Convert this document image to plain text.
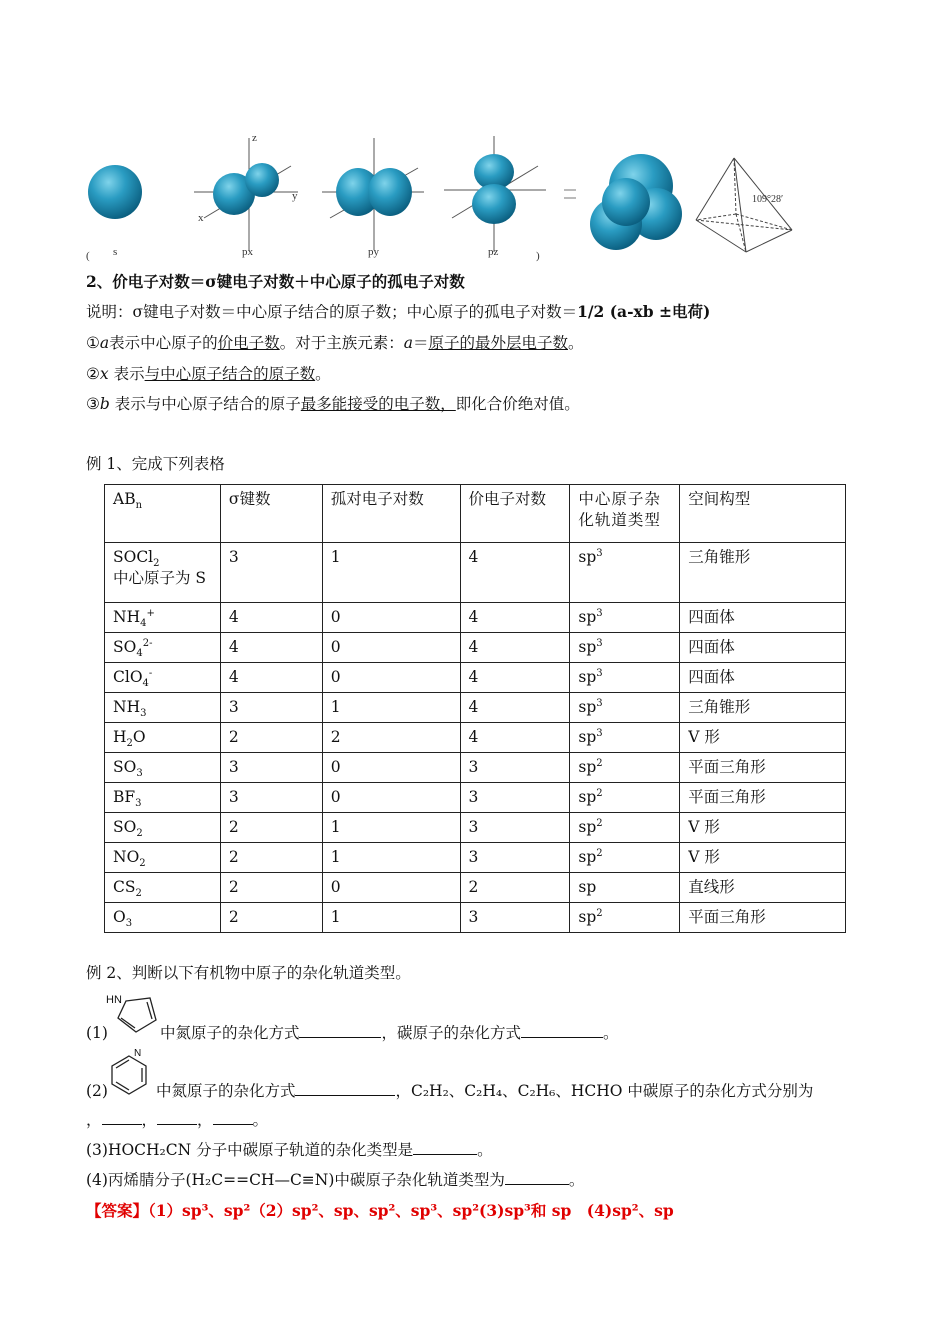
( s	px	py	pz	)
z
x
y	109°28′
2、价电子对数＝σ键电子对数＋中心原子的孤电子对数
说明：σ键电子对数＝中心原子结合的原子数；中心原子的孤电子对数＝1/2 (a-xb ±电荷)
①a表示中心原子的价电子数。对于主族元素：a＝原子的最外层电子数。
②x 表示与中心原子结合的原子数。
③b 表示与中心原子结合的原子最多能接受的电子数，即化合价绝对值。
例 1、完成下列表格
$AB_n$	σ键数	孤对电子对数	价电子对数	中心原子杂化轨道类型	空间构型
SOCl$_2$
中心原子为 S	3	1	4	$sp^3$	三角锥形
$NH_4^+$	4	0	4	$sp^3$	四面体
$SO_4^{2-}$	4	0	4	$sp^3$	四面体
ClO$_4$-	4	0	4	$sp^3$	四面体
$NH_3$	3	1	4	$sp^3$	三角锥形
$H_2O$	2	2	4	$sp^3$	V 形
$SO_3$	3	0	3	$sp^2$	平面三角形
$BF_3$	3	0	3	$sp^2$	平面三角形
$SO_2$	2	1	3	$sp^2$	V 形
$NO_2$	2	1	3	$sp^2$	V 形
$CS_2$	2	0	2	sp	直线形
$O_3$	2	1	3	$sp^2$	平面三角形
例 2、判断以下有机物中原子的杂化轨道类型。
HN
(1)	中氮原子的杂化方式	，碳原子的杂化方式	。
N
(2)	中氮原子的杂化方式	，C₂H₂、C₂H₄、C₂H₆、HCHO 中碳原子的杂化方式分别为
，	，	，	。
(3)HOCH₂CN 分子中碳原子轨道的杂化类型是	。
(4)丙烯腈分子(H₂C==CH—C≡N)中碳原子杂化轨道类型为	。
【答案】（1）sp³、sp²（2）sp²、sp、sp²、sp³、sp²(3)sp³和 sp　(4)sp²、sp
